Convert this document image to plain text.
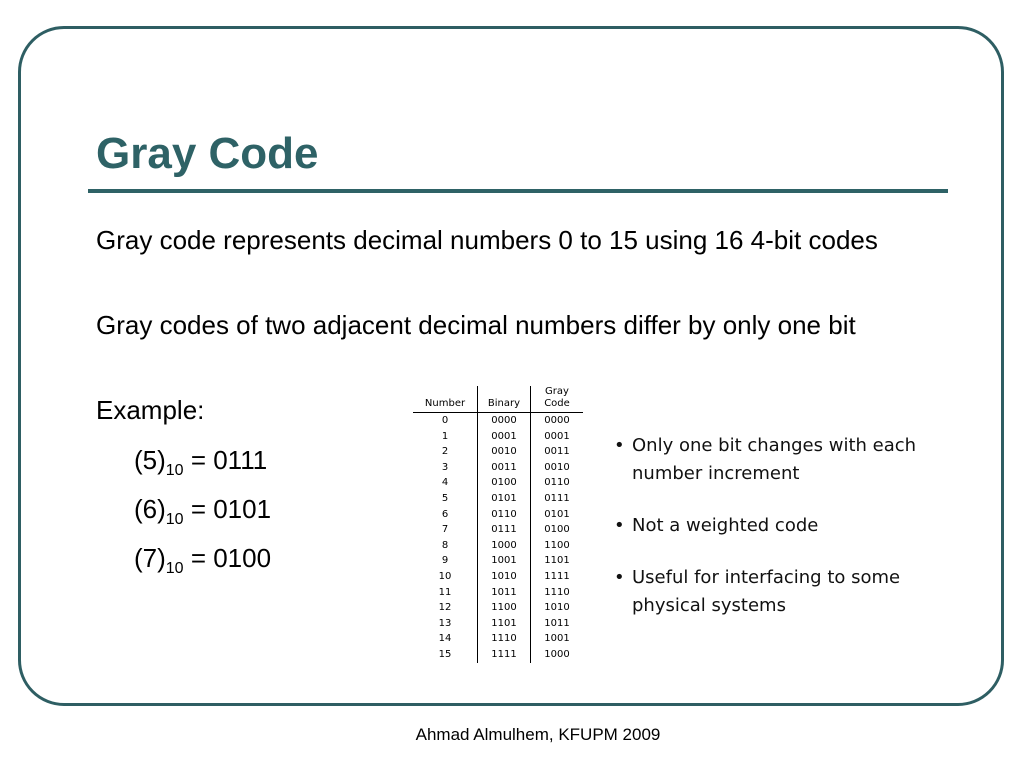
Gray Code

Gray code represents decimal numbers 0 to 15 using 16 4-bit codes

Gray codes of two adjacent decimal numbers differ by only one bit

Example:

$(5)_{10} = 0111$

$(6)_{10} = 0101$

$(7)_{10} = 0100$

Number	Binary	Gray
Code
0	0000	0000
1	0001	0001
2	0010	0011
3	0011	0010
4	0100	0110
5	0101	0111
6	0110	0101
7	0111	0100
8	1000	1100
9	1001	1101
10	1010	1111
11	1011	1110
12	1100	1010
13	1101	1011
14	1110	1001
15	1111	1000
• Only one bit changes with each number increment
• Not a weighted code
• Useful for interfacing to some physical systems
Ahmad Almulhem, KFUPM 2009
